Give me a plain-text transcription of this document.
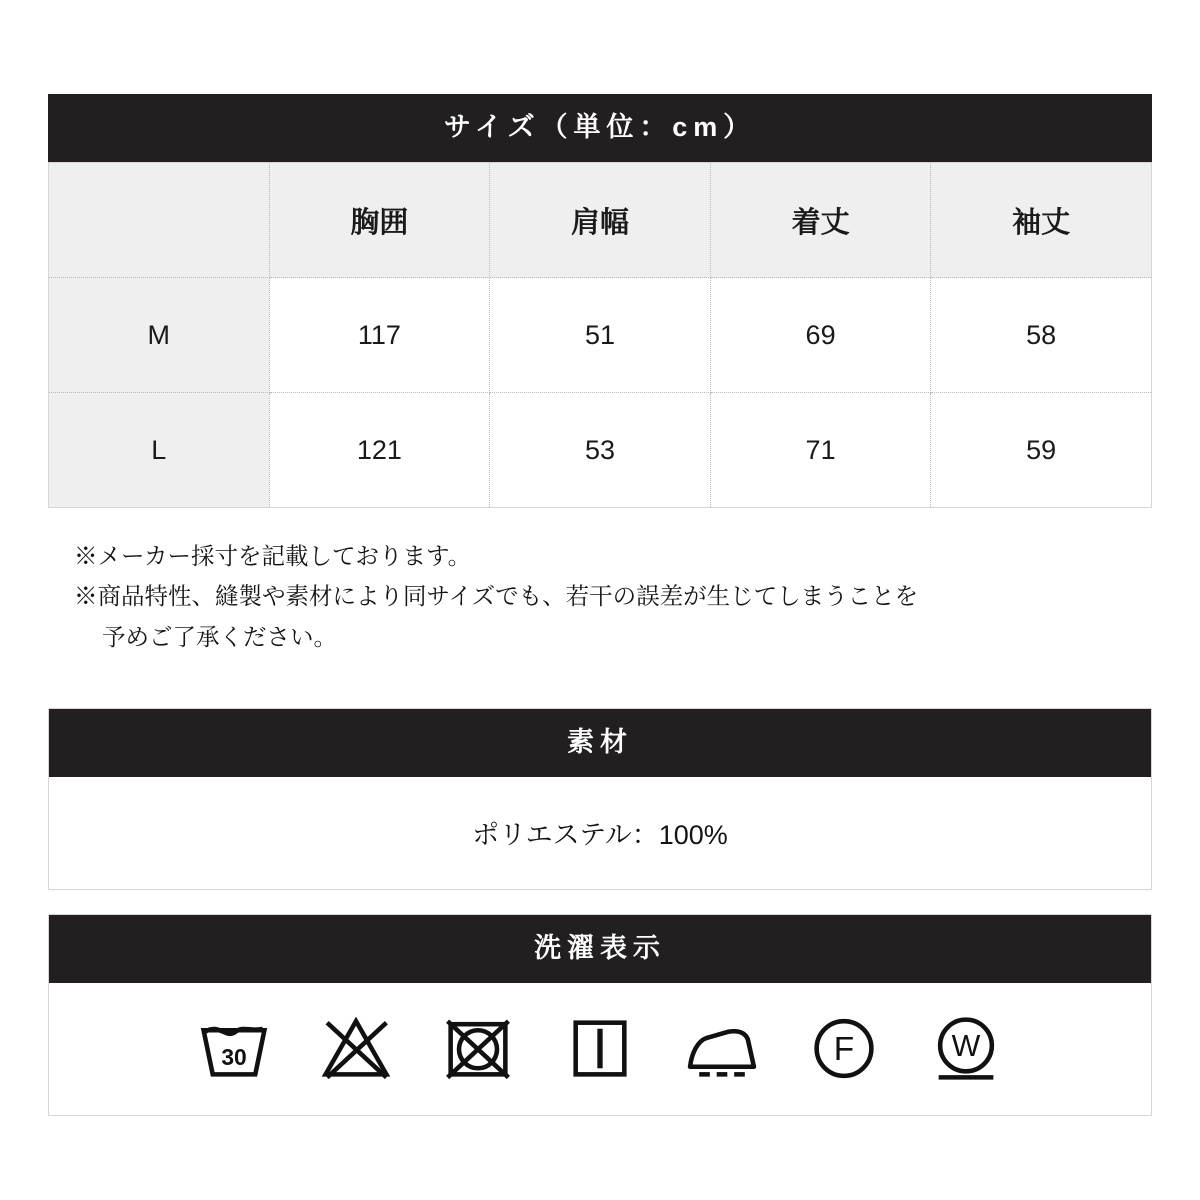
サイズ（単位：cm）
	胸囲	肩幅	着丈	袖丈
M	117	51	69	58
L	121	53	71	59
※メーカー採寸を記載しております。
※商品特性、縫製や素材により同サイズでも、若干の誤差が生じてしまうことを
予めご了承ください。
素材
ポリエステル：100%
洗濯表示
30	F W
